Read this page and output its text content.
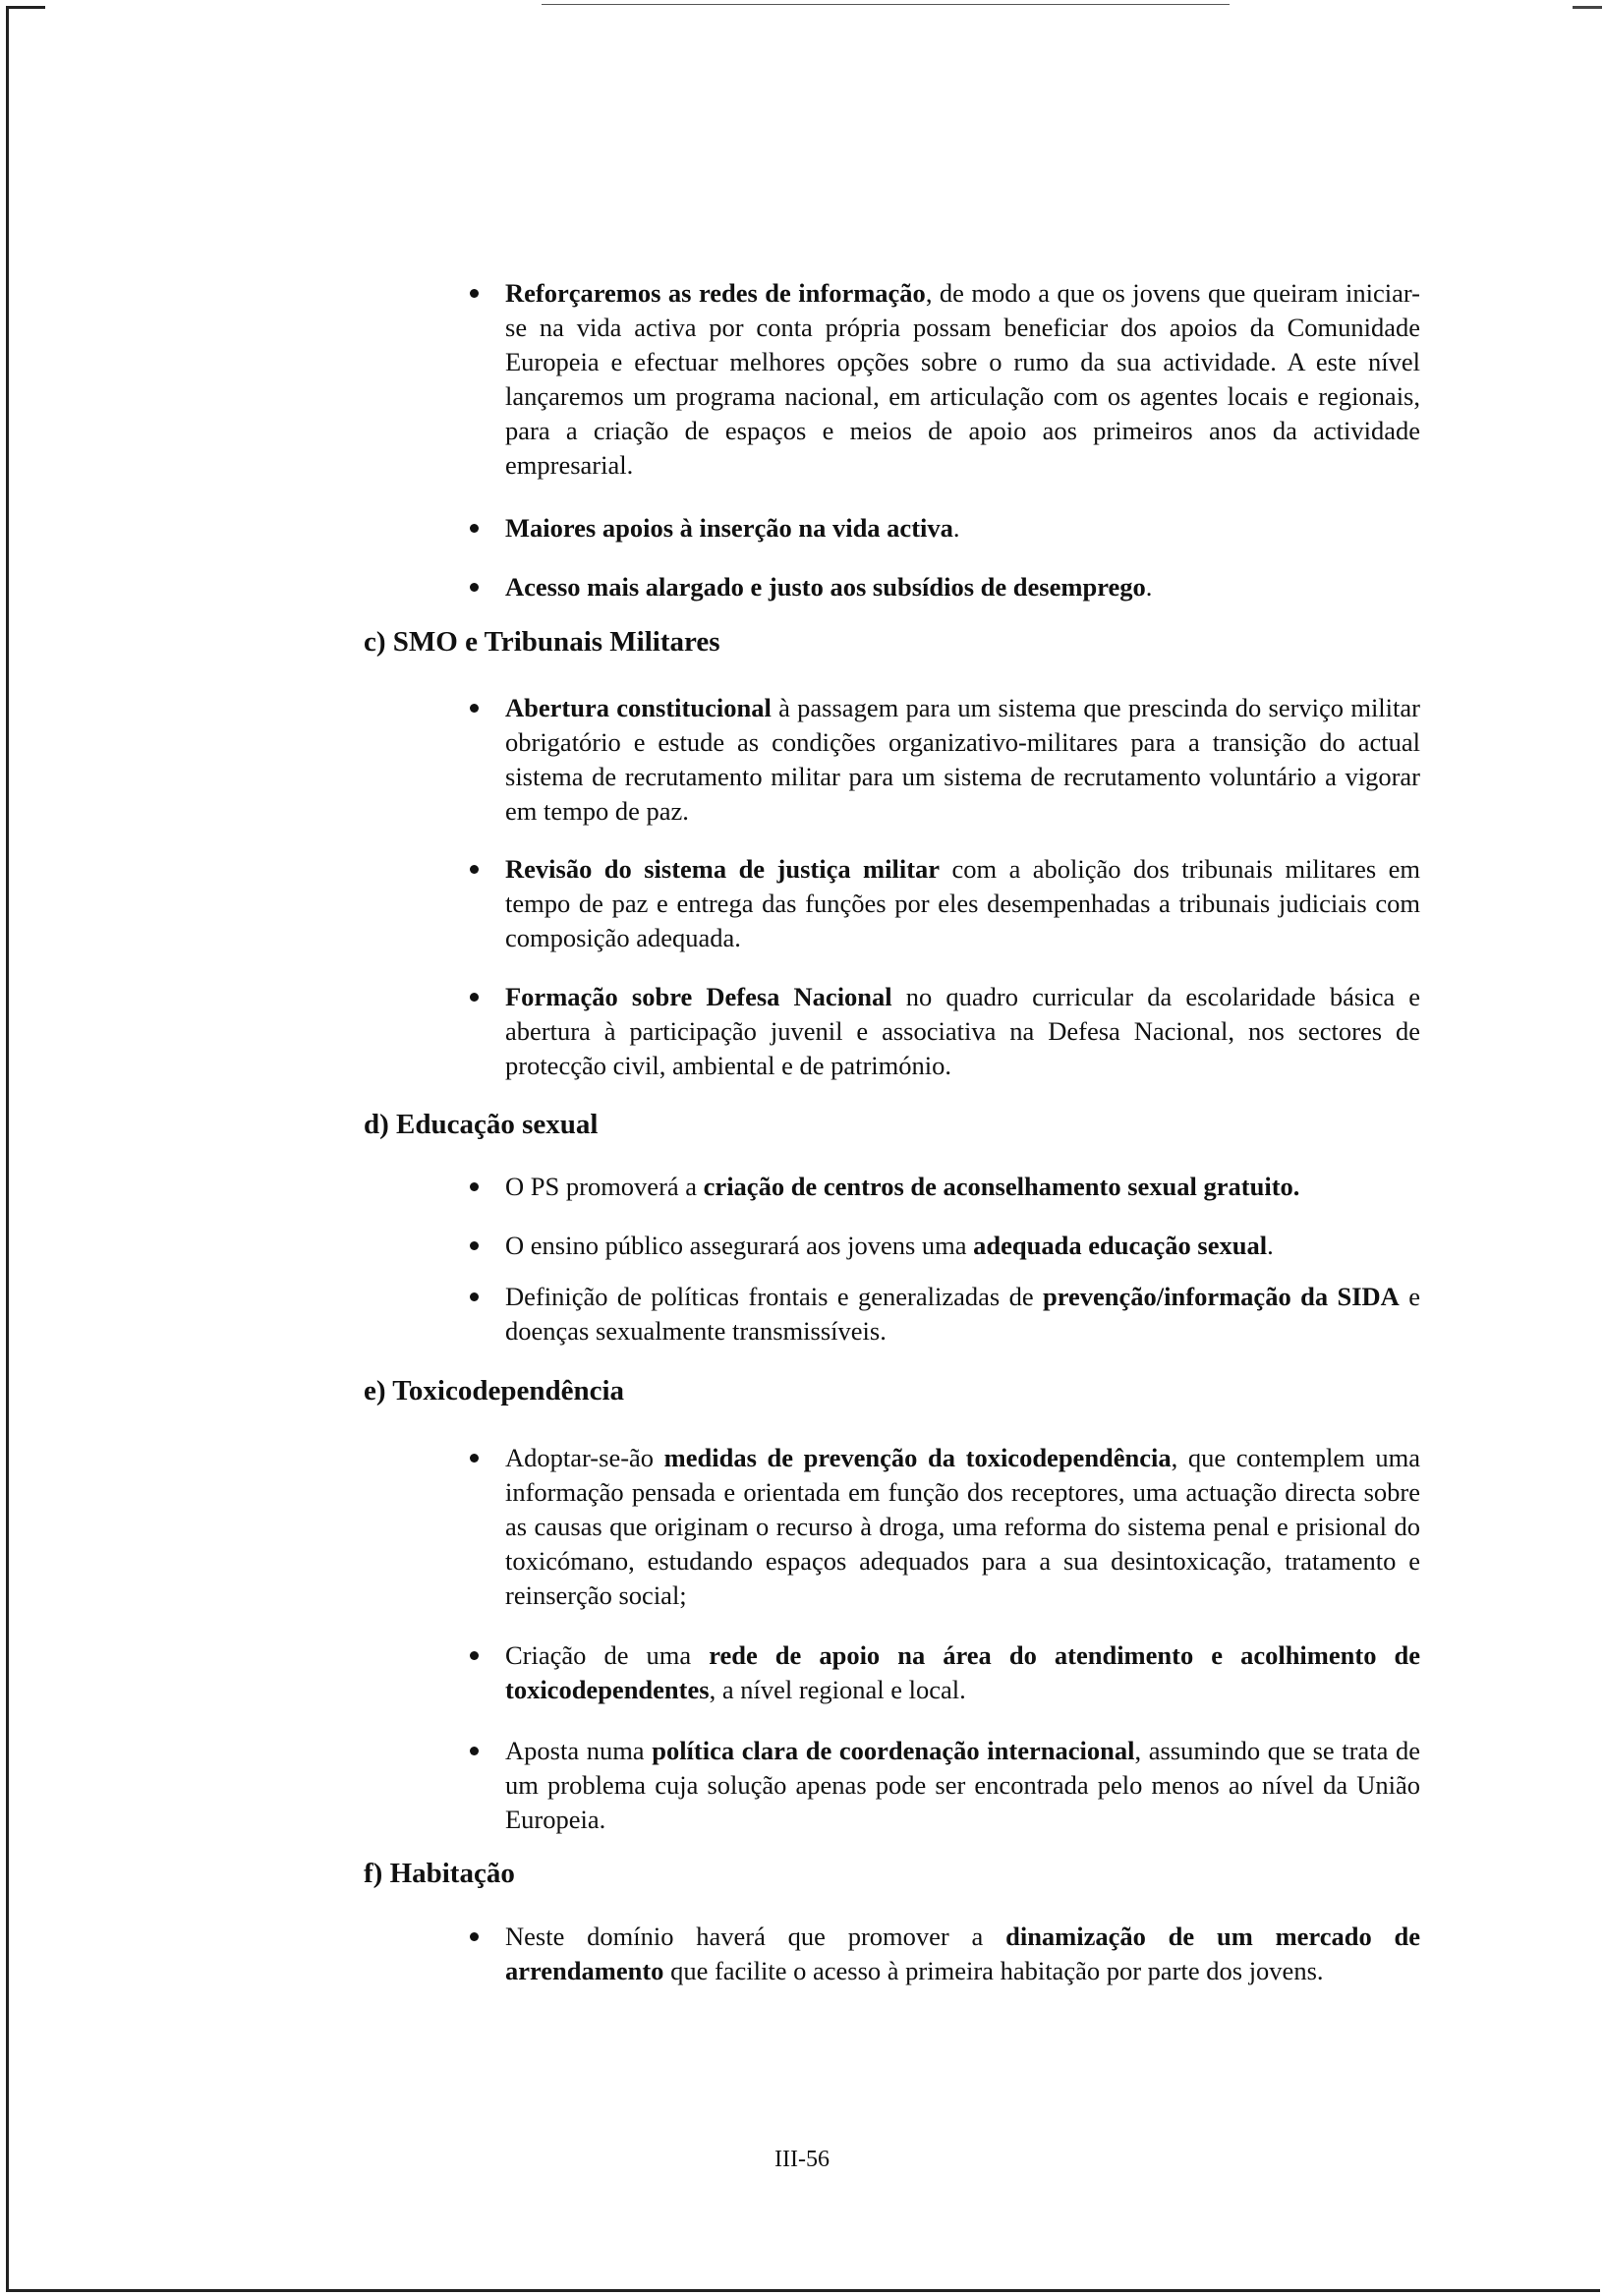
Reforçaremos as redes de informação, de modo a que os jovens que queiram iniciar-se na vida activa por conta própria possam beneficiar dos apoios da Comunidade Europeia e efectuar melhores opções sobre o rumo da sua actividade. A este nível lançaremos um programa nacional, em articulação com os agentes locais e regionais, para a criação de espaços e meios de apoio aos primeiros anos da actividade empresarial.
Maiores apoios à inserção na vida activa.
Acesso mais alargado e justo aos subsídios de desemprego.
c) SMO e Tribunais Militares
Abertura constitucional à passagem para um sistema que prescinda do serviço militar obrigatório e estude as condições organizativo-militares para a transição do actual sistema de recrutamento militar para um sistema de recrutamento voluntário a vigorar em tempo de paz.
Revisão do sistema de justiça militar com a abolição dos tribunais militares em tempo de paz e entrega das funções por eles desempenhadas a tribunais judiciais com composição adequada.
Formação sobre Defesa Nacional no quadro curricular da escolaridade básica e abertura à participação juvenil e associativa na Defesa Nacional, nos sectores de protecção civil, ambiental e de património.
d) Educação sexual
O PS promoverá a criação de centros de aconselhamento sexual gratuito.
O ensino público assegurará aos jovens uma adequada educação sexual.
Definição de políticas frontais e generalizadas de prevenção/informação da SIDA e doenças sexualmente transmissíveis.
e) Toxicodependência
Adoptar-se-ão medidas de prevenção da toxicodependência, que contemplem uma informação pensada e orientada em função dos receptores, uma actuação directa sobre as causas que originam o recurso à droga, uma reforma do sistema penal e prisional do toxicómano, estudando espaços adequados para a sua desintoxicação, tratamento e reinserção social;
Criação de uma rede de apoio na área do atendimento e acolhimento de toxicodependentes, a nível regional e local.
Aposta numa política clara de coordenação internacional, assumindo que se trata de um problema cuja solução apenas pode ser encontrada pelo menos ao nível da União Europeia.
f) Habitação
Neste domínio haverá que promover a dinamização de um mercado de arrendamento que facilite o acesso à primeira habitação por parte dos jovens.
III-56
